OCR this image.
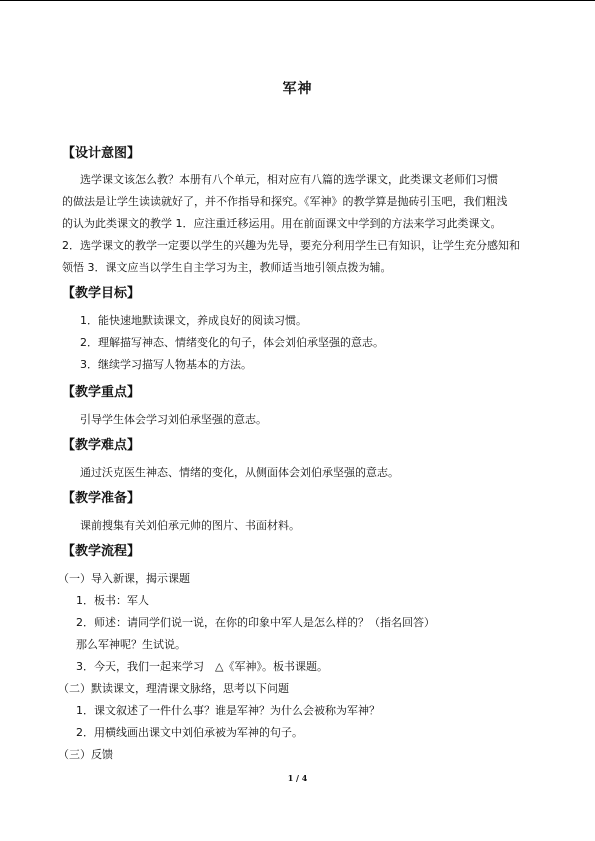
军神
【设计意图】
选学课文该怎么教？本册有八个单元，相对应有八篇的选学课文，此类课文老师们习惯
的做法是让学生读读就好了，并不作指导和探究。《军神》的教学算是抛砖引玉吧，我们粗浅
的认为此类课文的教学 1．应注重迁移运用。用在前面课文中学到的方法来学习此类课文。
2．选学课文的教学一定要以学生的兴趣为先导，要充分利用学生已有知识，让学生充分感知和
领悟 3．课文应当以学生自主学习为主，教师适当地引领点拨为辅。
【教学目标】
1．能快速地默读课文，养成良好的阅读习惯。
2．理解描写神态、情绪变化的句子，体会刘伯承坚强的意志。
3．继续学习描写人物基本的方法。
【教学重点】
引导学生体会学习刘伯承坚强的意志。
【教学难点】
通过沃克医生神态、情绪的变化，从侧面体会刘伯承坚强的意志。
【教学准备】
课前搜集有关刘伯承元帅的图片、书面材料。
【教学流程】
（一）导入新课，揭示课题
1．板书：军人
2．师述：请同学们说一说，在你的印象中军人是怎么样的？（指名回答）
那么军神呢？生试说。
3．今天，我们一起来学习　△《军神》。板书课题。
（二）默读课文，理清课文脉络，思考以下问题
1．课文叙述了一件什么事？谁是军神？为什么会被称为军神？
2．用横线画出课文中刘伯承被为军神的句子。
（三）反馈
1 / 4
